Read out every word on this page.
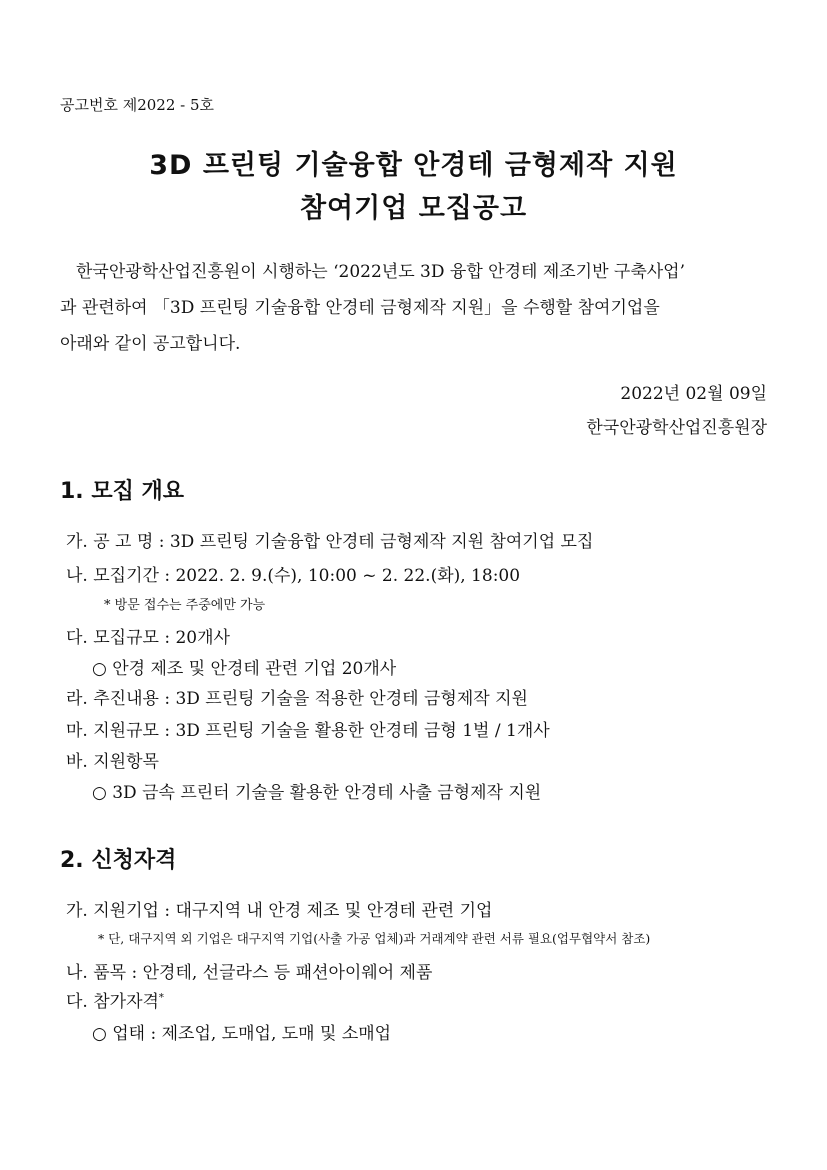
공고번호 제2022 - 5호
3D 프린팅 기술융합 안경테 금형제작 지원
참여기업 모집공고
한국안광학산업진흥원이 시행하는 ‘2022년도 3D 융합 안경테 제조기반 구축사업’
과 관련하여 「3D 프린팅 기술융합 안경테 금형제작 지원」을 수행할 참여기업을
아래와 같이 공고합니다.
2022년 02월 09일
한국안광학산업진흥원장
1. 모집 개요
가. 공 고 명 : 3D 프린팅 기술융합 안경테 금형제작 지원 참여기업 모집
나. 모집기간 : 2022. 2. 9.(수), 10:00 ~ 2. 22.(화), 18:00
* 방문 접수는 주중에만 가능
다. 모집규모 : 20개사
○ 안경 제조 및 안경테 관련 기업 20개사
라. 추진내용 : 3D 프린팅 기술을 적용한 안경테 금형제작 지원
마. 지원규모 : 3D 프린팅 기술을 활용한 안경테 금형 1벌 / 1개사
바. 지원항목
○ 3D 금속 프린터 기술을 활용한 안경테 사출 금형제작 지원
2. 신청자격
가. 지원기업 : 대구지역 내 안경 제조 및 안경테 관련 기업
* 단, 대구지역 외 기업은 대구지역 기업(사출 가공 업체)과 거래계약 관련 서류 필요(업무협약서 참조)
나. 품목 : 안경테, 선글라스 등 패션아이웨어 제품
다. 참가자격*
○ 업태 : 제조업, 도매업, 도매 및 소매업
